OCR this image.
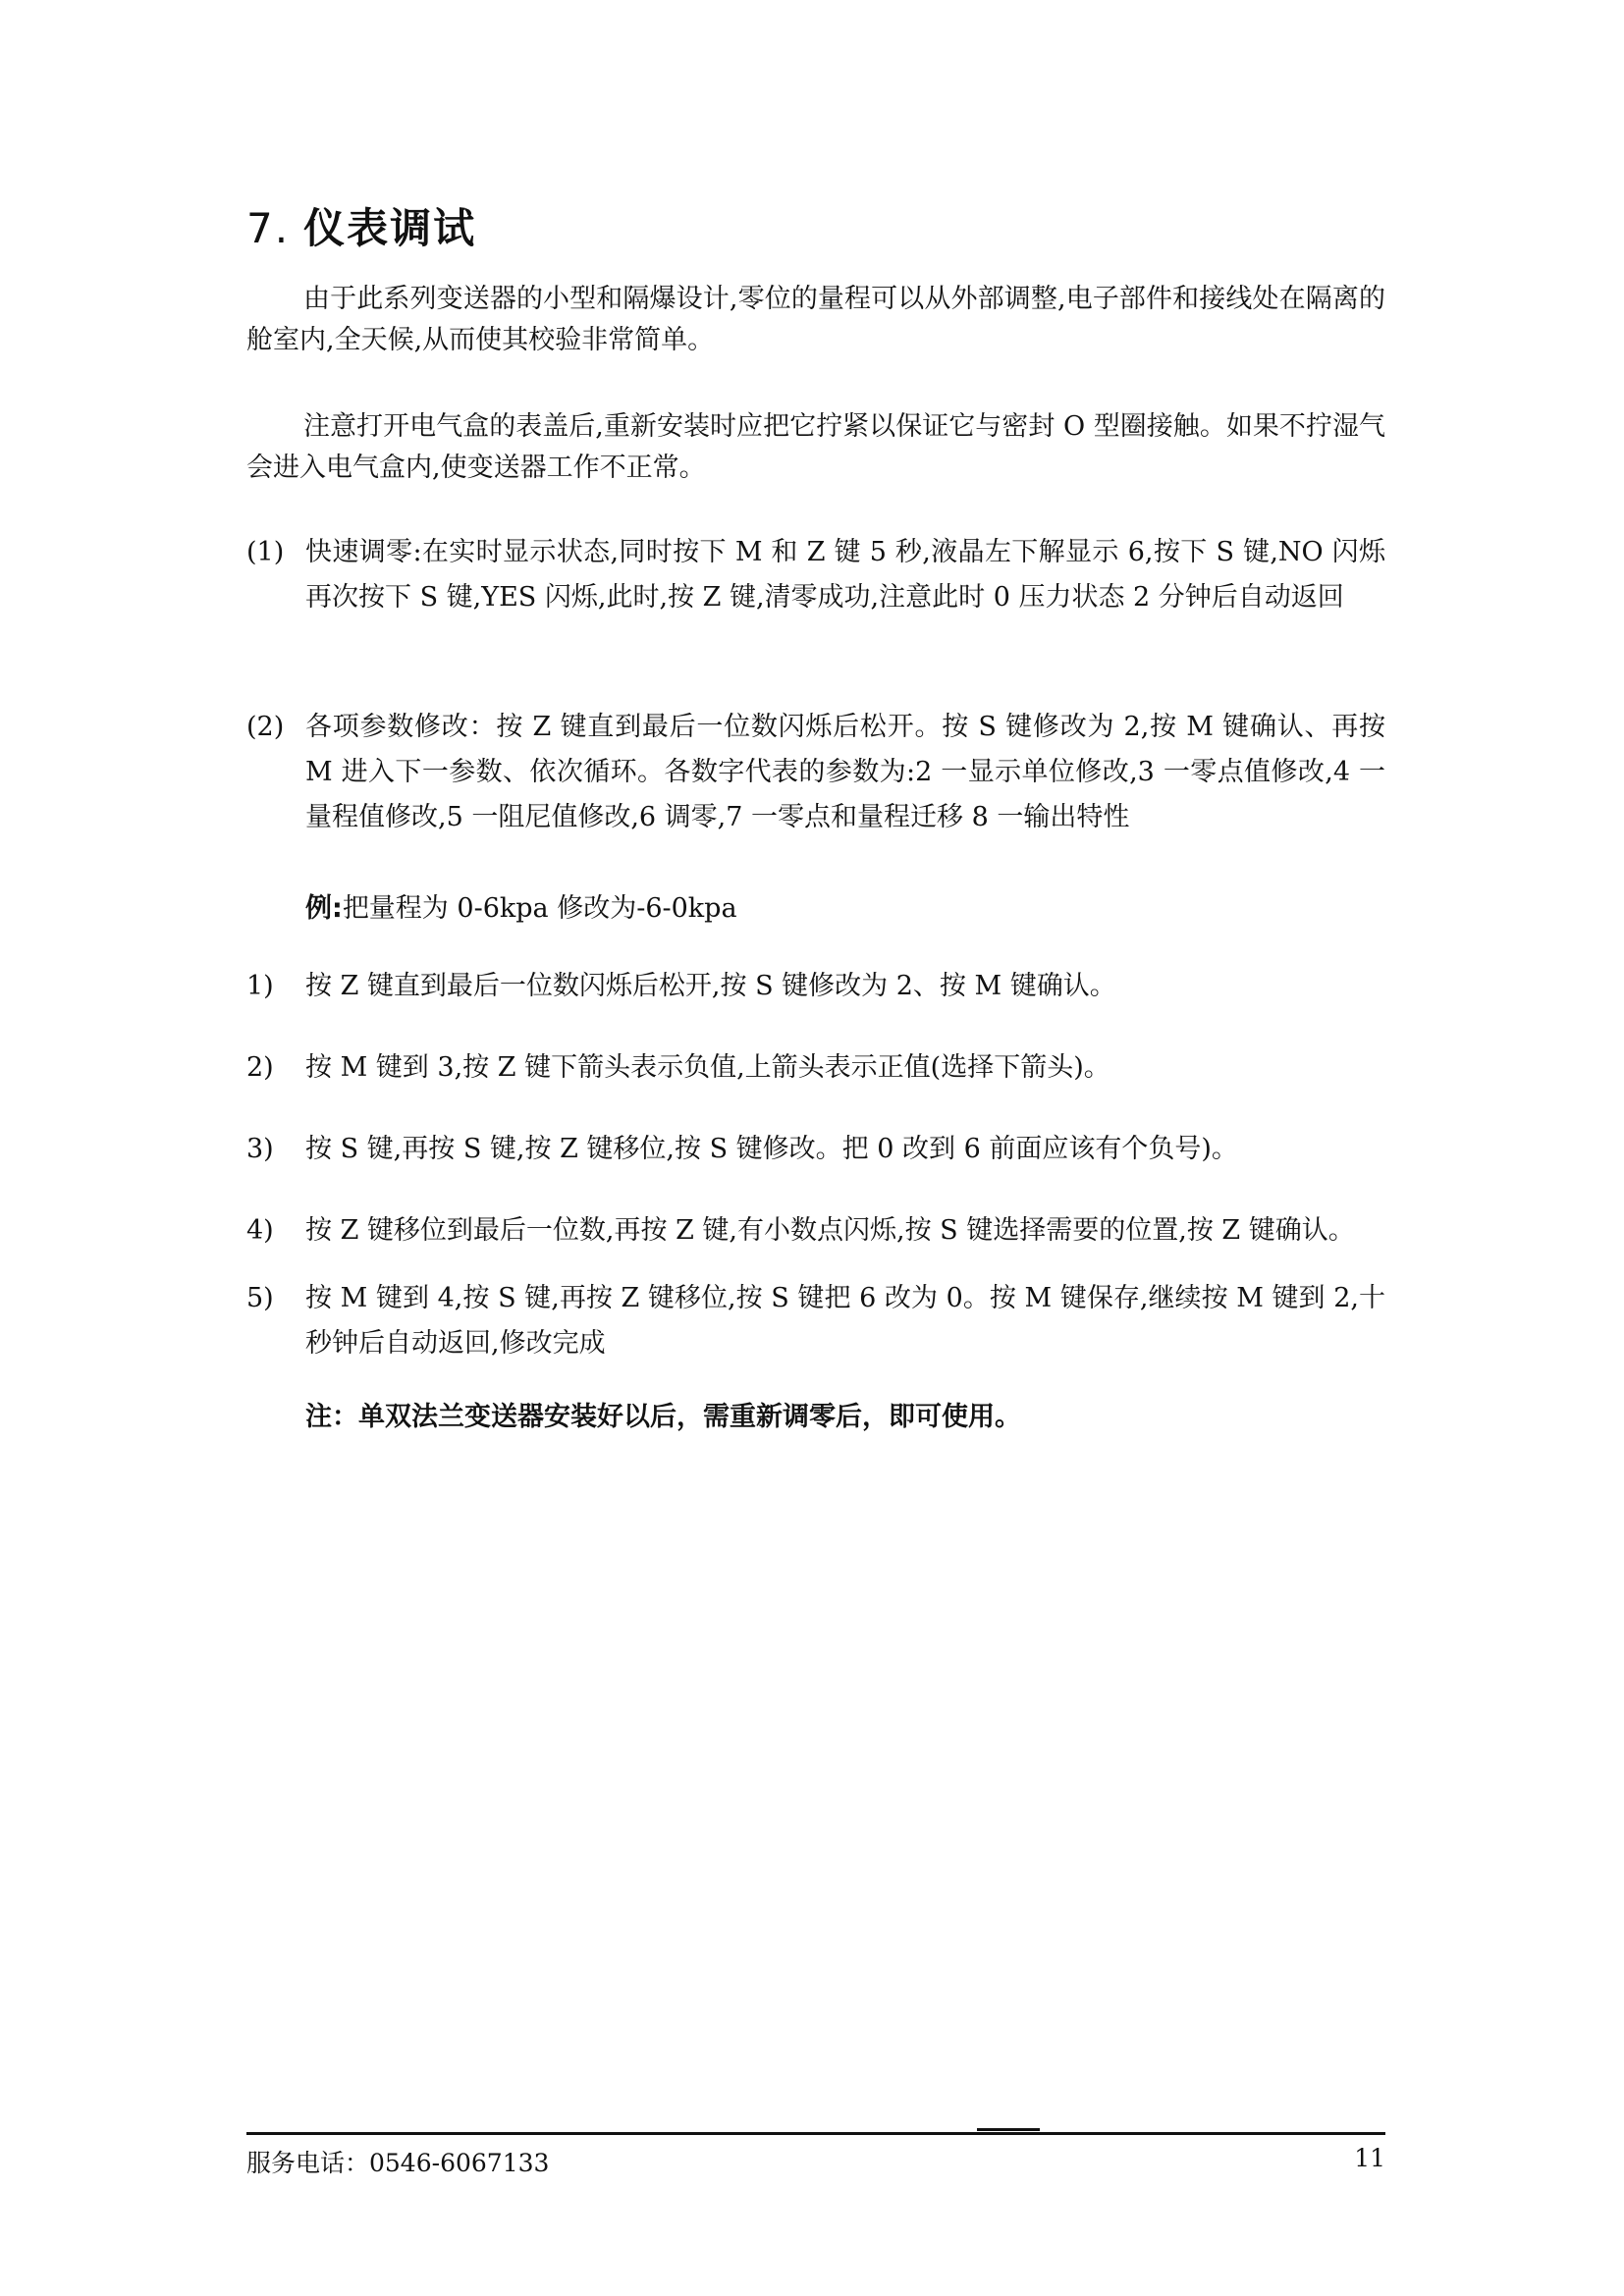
7. 仪表调试

由于此系列变送器的小型和隔爆设计,零位的量程可以从外部调整,电子部件和接线处在隔离的舱室内,全天候,从而使其校验非常简单。

注意打开电气盒的表盖后,重新安装时应把它拧紧以保证它与密封 O 型圈接触。如果不拧湿气会进入电气盒内,使变送器工作不正常。

(1) 快速调零:在实时显示状态,同时按下 M 和 Z 键 5 秒,液晶左下解显示 6,按下 S 键,NO 闪烁再次按下 S 键,YES 闪烁,此时,按 Z 键,清零成功,注意此时 0 压力状态 2 分钟后自动返回
(2) 各项参数修改：按 Z 键直到最后一位数闪烁后松开。按 S 键修改为 2,按 M 键确认、再按 M 进入下一参数、依次循环。各数字代表的参数为:2 一显示单位修改,3 一零点值修改,4 一量程值修改,5 一阻尼值修改,6 调零,7 一零点和量程迁移 8 一输出特性
例:把量程为 0-6kpa 修改为-6-0kpa
1)	按 Z 键直到最后一位数闪烁后松开,按 S 键修改为 2、按 M 键确认。
2)	按 M 键到 3,按 Z 键下箭头表示负值,上箭头表示正值(选择下箭头)。
3)	按 S 键,再按 S 键,按 Z 键移位,按 S 键修改。把 0 改到 6 前面应该有个负号)。
4)	按 Z 键移位到最后一位数,再按 Z 键,有小数点闪烁,按 S 键选择需要的位置,按 Z 键确认。
5)	按 M 键到 4,按 S 键,再按 Z 键移位,按 S 键把 6 改为 0。按 M 键保存,继续按 M 键到 2,十秒钟后自动返回,修改完成
注：单双法兰变送器安装好以后，需重新调零后，即可使用。
服务电话：0546-6067133	11
